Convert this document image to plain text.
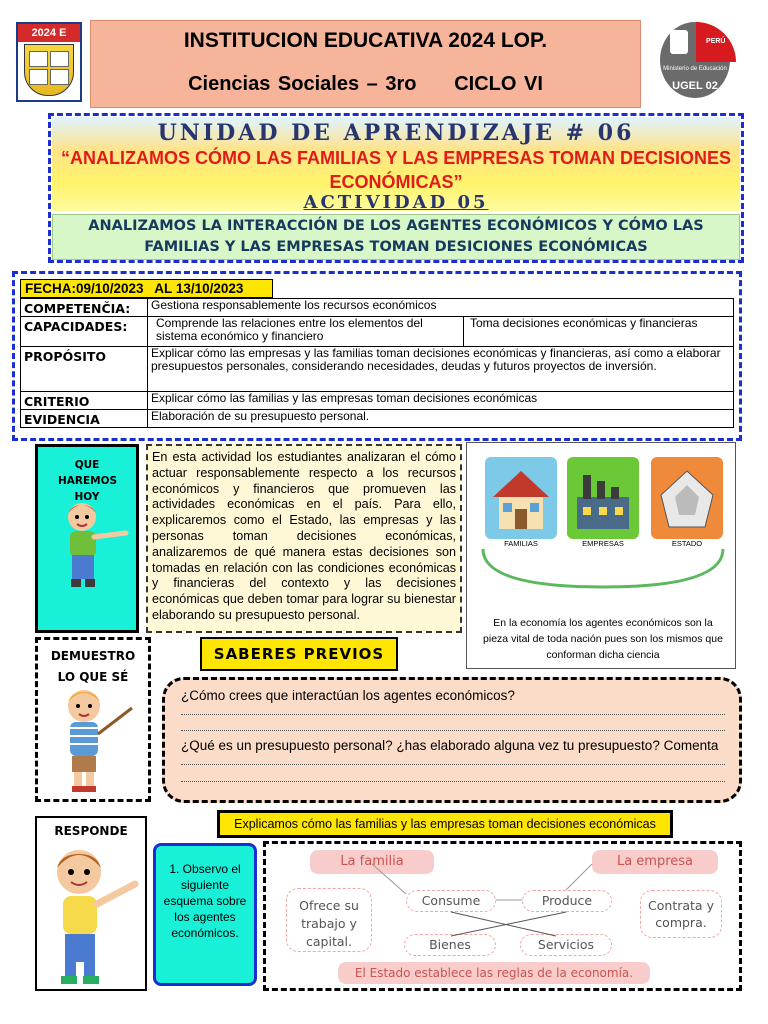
2024 E	INSTITUCION EDUCATIVA 2024 LOP.
Ciencias Sociales – 3ro     CICLO VI
PERÚ
Ministerio de Educación
UGEL 02
UNIDAD DE APRENDIZAJE # 06
“ANALIZAMOS CÓMO LAS FAMILIAS Y LAS EMPRESAS TOMAN DECISIONES ECONÓMICAS”
ACTIVIDAD 05
ANALIZAMOS LA INTERACCIÓN DE LOS AGENTES ECONÓMICOS Y CÓMO LAS FAMILIAS Y LAS EMPRESAS TOMAN DESICIONES ECONÓMICAS
FECHA:09/10/2023   AL 13/10/2023
COMPETENČIA:	Gestiona responsablemente los recursos económicos	
CAPACIDADES:	Comprende las relaciones entre los elementos del sistema económico y financiero	Toma decisiones económicas y financieras
PROPÓSITO	Explicar cómo las empresas y las familias toman decisiones económicas y financieras, así como a elaborar presupuestos personales, considerando necesidades, deudas y futuros proyectos de inversión.	
CRITERIO	Explicar cómo las familias y las empresas toman decisiones económicas	
EVIDENCIA	Elaboración de su presupuesto personal.	
QUE HAREMOS HOY
En esta actividad los estudiantes analizaran el cómo actuar responsablemente respecto a los recursos económicos y financieros que promueven las actividades económicas en el país. Para ello, explicaremos como el Estado, las empresas y las personas toman decisiones económicas, analizaremos de qué manera estas decisiones son tomadas en relación con las condiciones económicas y financieras del contexto y las decisiones económicas que deben tomar para lograr su bienestar elaborando su presupuesto personal.
FAMILIAS	EMPRESAS	ESTADO
En la economía los agentes económicos son la pieza vital de toda nación pues son los mismos que conforman dicha ciencia
DEMUESTRO LO QUE SÉ
SABERES PREVIOS
¿Cómo crees que interactúan los agentes económicos?
¿Qué es un presupuesto personal? ¿has elaborado alguna vez tu presupuesto? Comenta
RESPONDE	Explicamos cómo las familias y las empresas toman decisiones económicas
1. Observo el siguiente esquema sobre los agentes económicos.
La familia	La empresa
Ofrece su trabajo y capital.
Consume	Produce	Contrata y compra.
Bienes	Servicios
El Estado establece las reglas de la economía.
